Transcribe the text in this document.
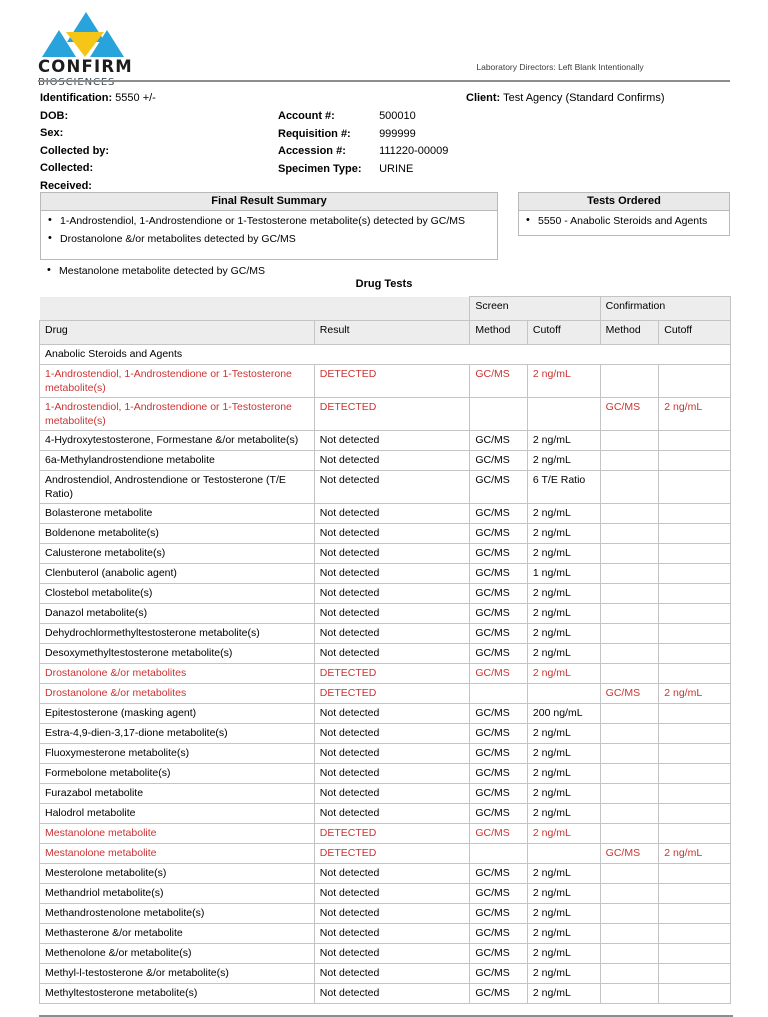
CONFIRM
BIOSCIENCES
Laboratory Directors: Left Blank Intentionally
Identification: 5550 +/-
DOB:
Sex:
Collected by:
Collected:
Received:
Account #:	500010
Requisition #:	999999
Accession #:	111220-00009
Specimen Type: URINE
Client: Test Agency (Standard Confirms)
Final Result Summary
• 1-Androstendiol, 1-Androstendione or 1-Testosterone metabolite(s) detected by GC/MS
• Drostanolone &/or metabolites detected by GC/MS
• Mestanolone metabolite detected by GC/MS
Tests Ordered
• 5550 - Anabolic Steroids and Agents
Drug Tests
		Screen		Confirmation	
Drug	Result	Method	Cutoff	Method	Cutoff
Anabolic Steroids and Agents					
1-Androstendiol, 1-Androstendione or 1-Testosterone metabolite(s)	DETECTED	GC/MS	2 ng/mL		
1-Androstendiol, 1-Androstendione or 1-Testosterone metabolite(s)	DETECTED			GC/MS	2 ng/mL
4-Hydroxytestosterone, Formestane &/or metabolite(s)	Not detected	GC/MS	2 ng/mL		
6a-Methylandrostendione metabolite	Not detected	GC/MS	2 ng/mL		
Androstendiol, Androstendione or Testosterone (T/E Ratio)	Not detected	GC/MS	6 T/E Ratio		
Bolasterone metabolite	Not detected	GC/MS	2 ng/mL		
Boldenone metabolite(s)	Not detected	GC/MS	2 ng/mL		
Calusterone metabolite(s)	Not detected	GC/MS	2 ng/mL		
Clenbuterol (anabolic agent)	Not detected	GC/MS	1 ng/mL		
Clostebol metabolite(s)	Not detected	GC/MS	2 ng/mL		
Danazol metabolite(s)	Not detected	GC/MS	2 ng/mL		
Dehydrochlormethyltestosterone metabolite(s)	Not detected	GC/MS	2 ng/mL		
Desoxymethyltestosterone metabolite(s)	Not detected	GC/MS	2 ng/mL		
Drostanolone &/or metabolites	DETECTED	GC/MS	2 ng/mL		
Drostanolone &/or metabolites	DETECTED			GC/MS	2 ng/mL
Epitestosterone (masking agent)	Not detected	GC/MS	200 ng/mL		
Estra-4,9-dien-3,17-dione metabolite(s)	Not detected	GC/MS	2 ng/mL		
Fluoxymesterone metabolite(s)	Not detected	GC/MS	2 ng/mL		
Formebolone metabolite(s)	Not detected	GC/MS	2 ng/mL		
Furazabol metabolite	Not detected	GC/MS	2 ng/mL		
Halodrol metabolite	Not detected	GC/MS	2 ng/mL		
Mestanolone metabolite	DETECTED	GC/MS	2 ng/mL		
Mestanolone metabolite	DETECTED			GC/MS	2 ng/mL
Mesterolone metabolite(s)	Not detected	GC/MS	2 ng/mL		
Methandriol metabolite(s)	Not detected	GC/MS	2 ng/mL		
Methandrostenolone metabolite(s)	Not detected	GC/MS	2 ng/mL		
Methasterone &/or metabolite	Not detected	GC/MS	2 ng/mL		
Methenolone &/or metabolite(s)	Not detected	GC/MS	2 ng/mL		
Methyl-l-testosterone &/or metabolite(s)	Not detected	GC/MS	2 ng/mL		
Methyltestosterone metabolite(s)	Not detected	GC/MS	2 ng/mL		
